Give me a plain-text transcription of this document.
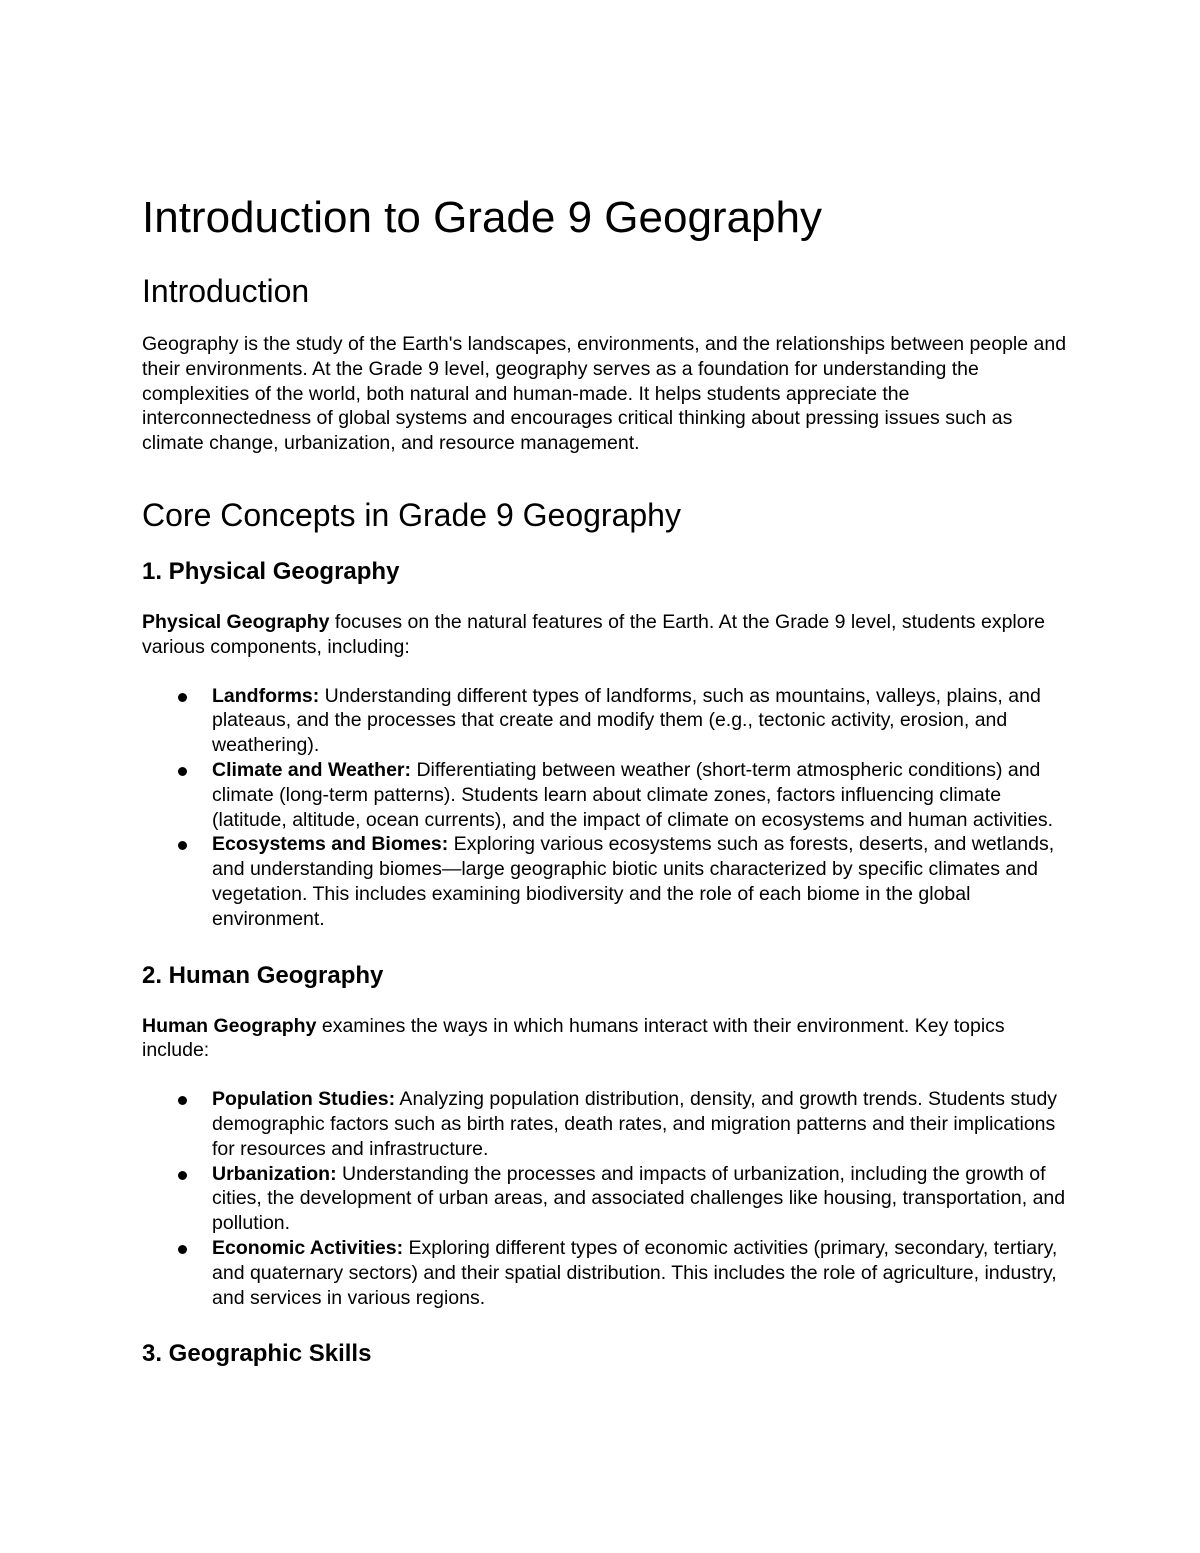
Introduction to Grade 9 Geography
Introduction

Geography is the study of the Earth's landscapes, environments, and the relationships between people and their environments. At the Grade 9 level, geography serves as a foundation for understanding the complexities of the world, both natural and human-made. It helps students appreciate the interconnectedness of global systems and encourages critical thinking about pressing issues such as climate change, urbanization, and resource management.

Core Concepts in Grade 9 Geography
1. Physical Geography

Physical Geography focuses on the natural features of the Earth. At the Grade 9 level, students explore various components, including:

Landforms: Understanding different types of landforms, such as mountains, valleys, plains, and plateaus, and the processes that create and modify them (e.g., tectonic activity, erosion, and weathering).
Climate and Weather: Differentiating between weather (short-term atmospheric conditions) and climate (long-term patterns). Students learn about climate zones, factors influencing climate (latitude, altitude, ocean currents), and the impact of climate on ecosystems and human activities.
Ecosystems and Biomes: Exploring various ecosystems such as forests, deserts, and wetlands, and understanding biomes—large geographic biotic units characterized by specific climates and vegetation. This includes examining biodiversity and the role of each biome in the global environment.
2. Human Geography

Human Geography examines the ways in which humans interact with their environment. Key topics include:

Population Studies: Analyzing population distribution, density, and growth trends. Students study demographic factors such as birth rates, death rates, and migration patterns and their implications for resources and infrastructure.
Urbanization: Understanding the processes and impacts of urbanization, including the growth of cities, the development of urban areas, and associated challenges like housing, transportation, and pollution.
Economic Activities: Exploring different types of economic activities (primary, secondary, tertiary, and quaternary sectors) and their spatial distribution. This includes the role of agriculture, industry, and services in various regions.
3. Geographic Skills
